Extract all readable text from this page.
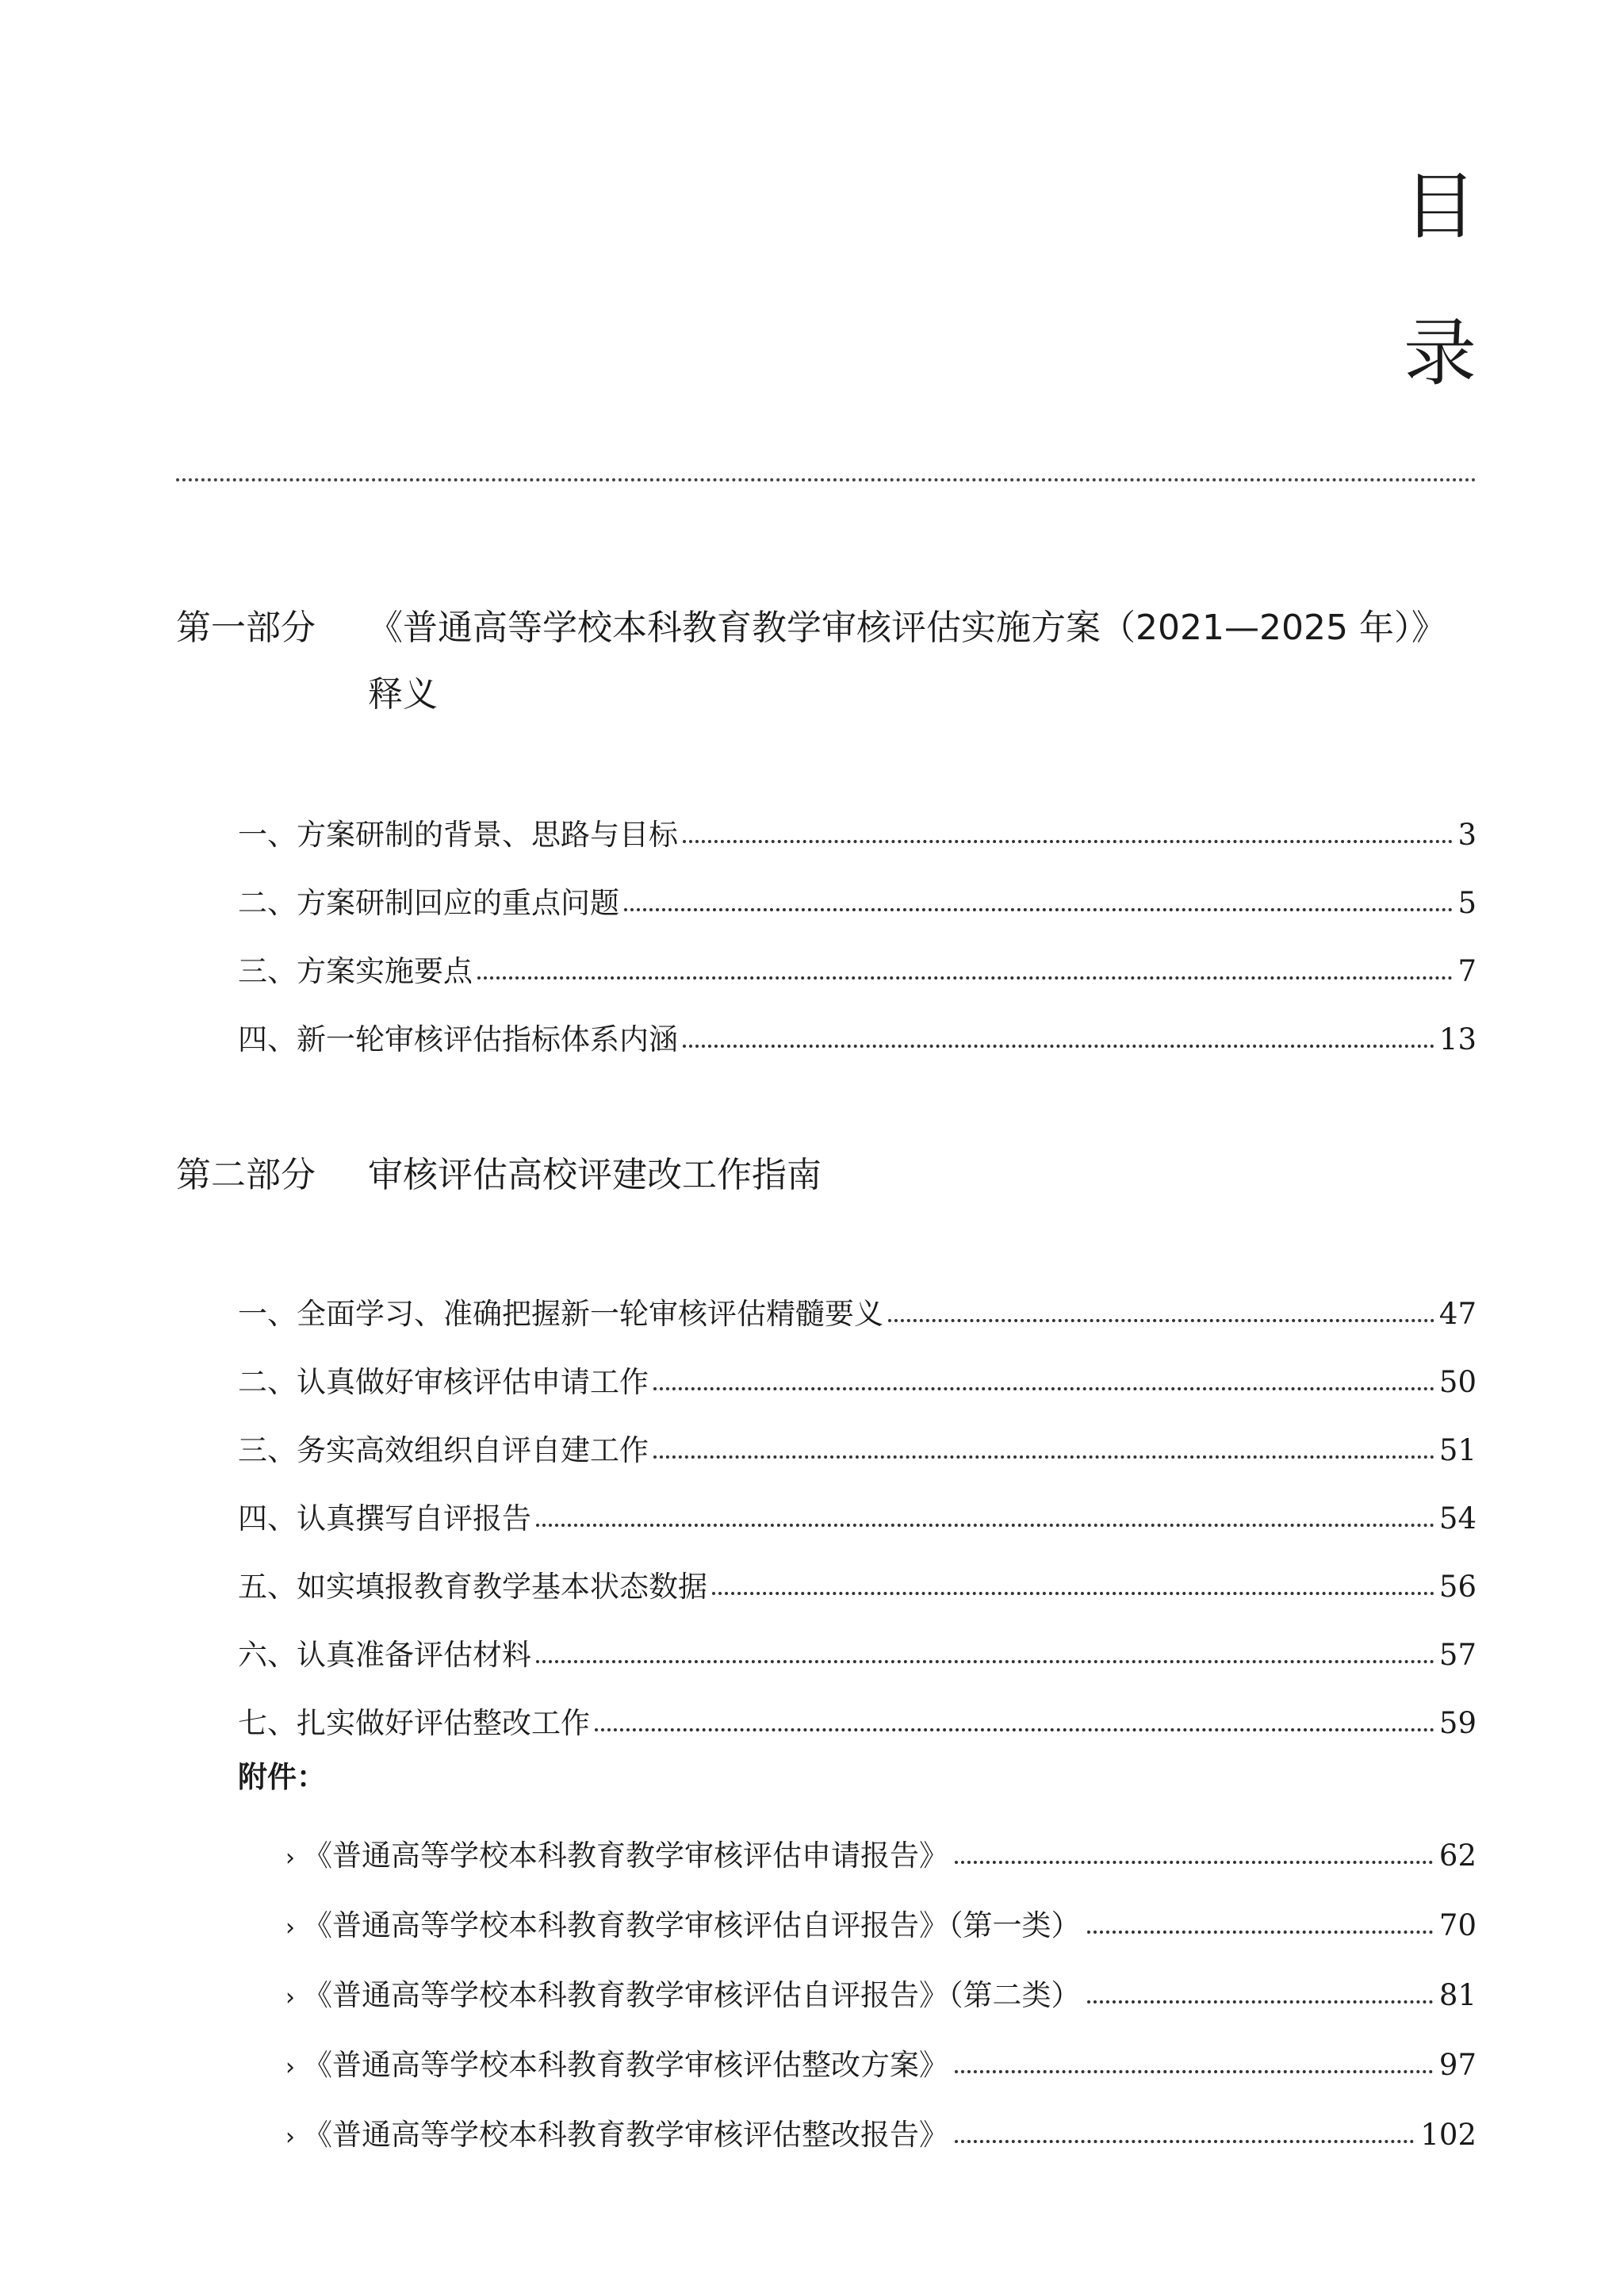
目
录
第一部分	《普通高等学校本科教育教学审核评估实施方案（2021—2025 年）》
释义
一、方案研制的背景、思路与目标	3
二、方案研制回应的重点问题	5
三、方案实施要点	7
四、新一轮审核评估指标体系内涵	13
第二部分	审核评估高校评建改工作指南
一、全面学习、准确把握新一轮审核评估精髓要义	47
二、认真做好审核评估申请工作	50
三、务实高效组织自评自建工作	51
四、认真撰写自评报告	54
五、如实填报教育教学基本状态数据	56
六、认真准备评估材料	57
七、扎实做好评估整改工作	59
附件：
› 《普通高等学校本科教育教学审核评估申请报告》	62
› 《普通高等学校本科教育教学审核评估自评报告》（第一类）	70
› 《普通高等学校本科教育教学审核评估自评报告》（第二类）	81
› 《普通高等学校本科教育教学审核评估整改方案》	97
› 《普通高等学校本科教育教学审核评估整改报告》	102
